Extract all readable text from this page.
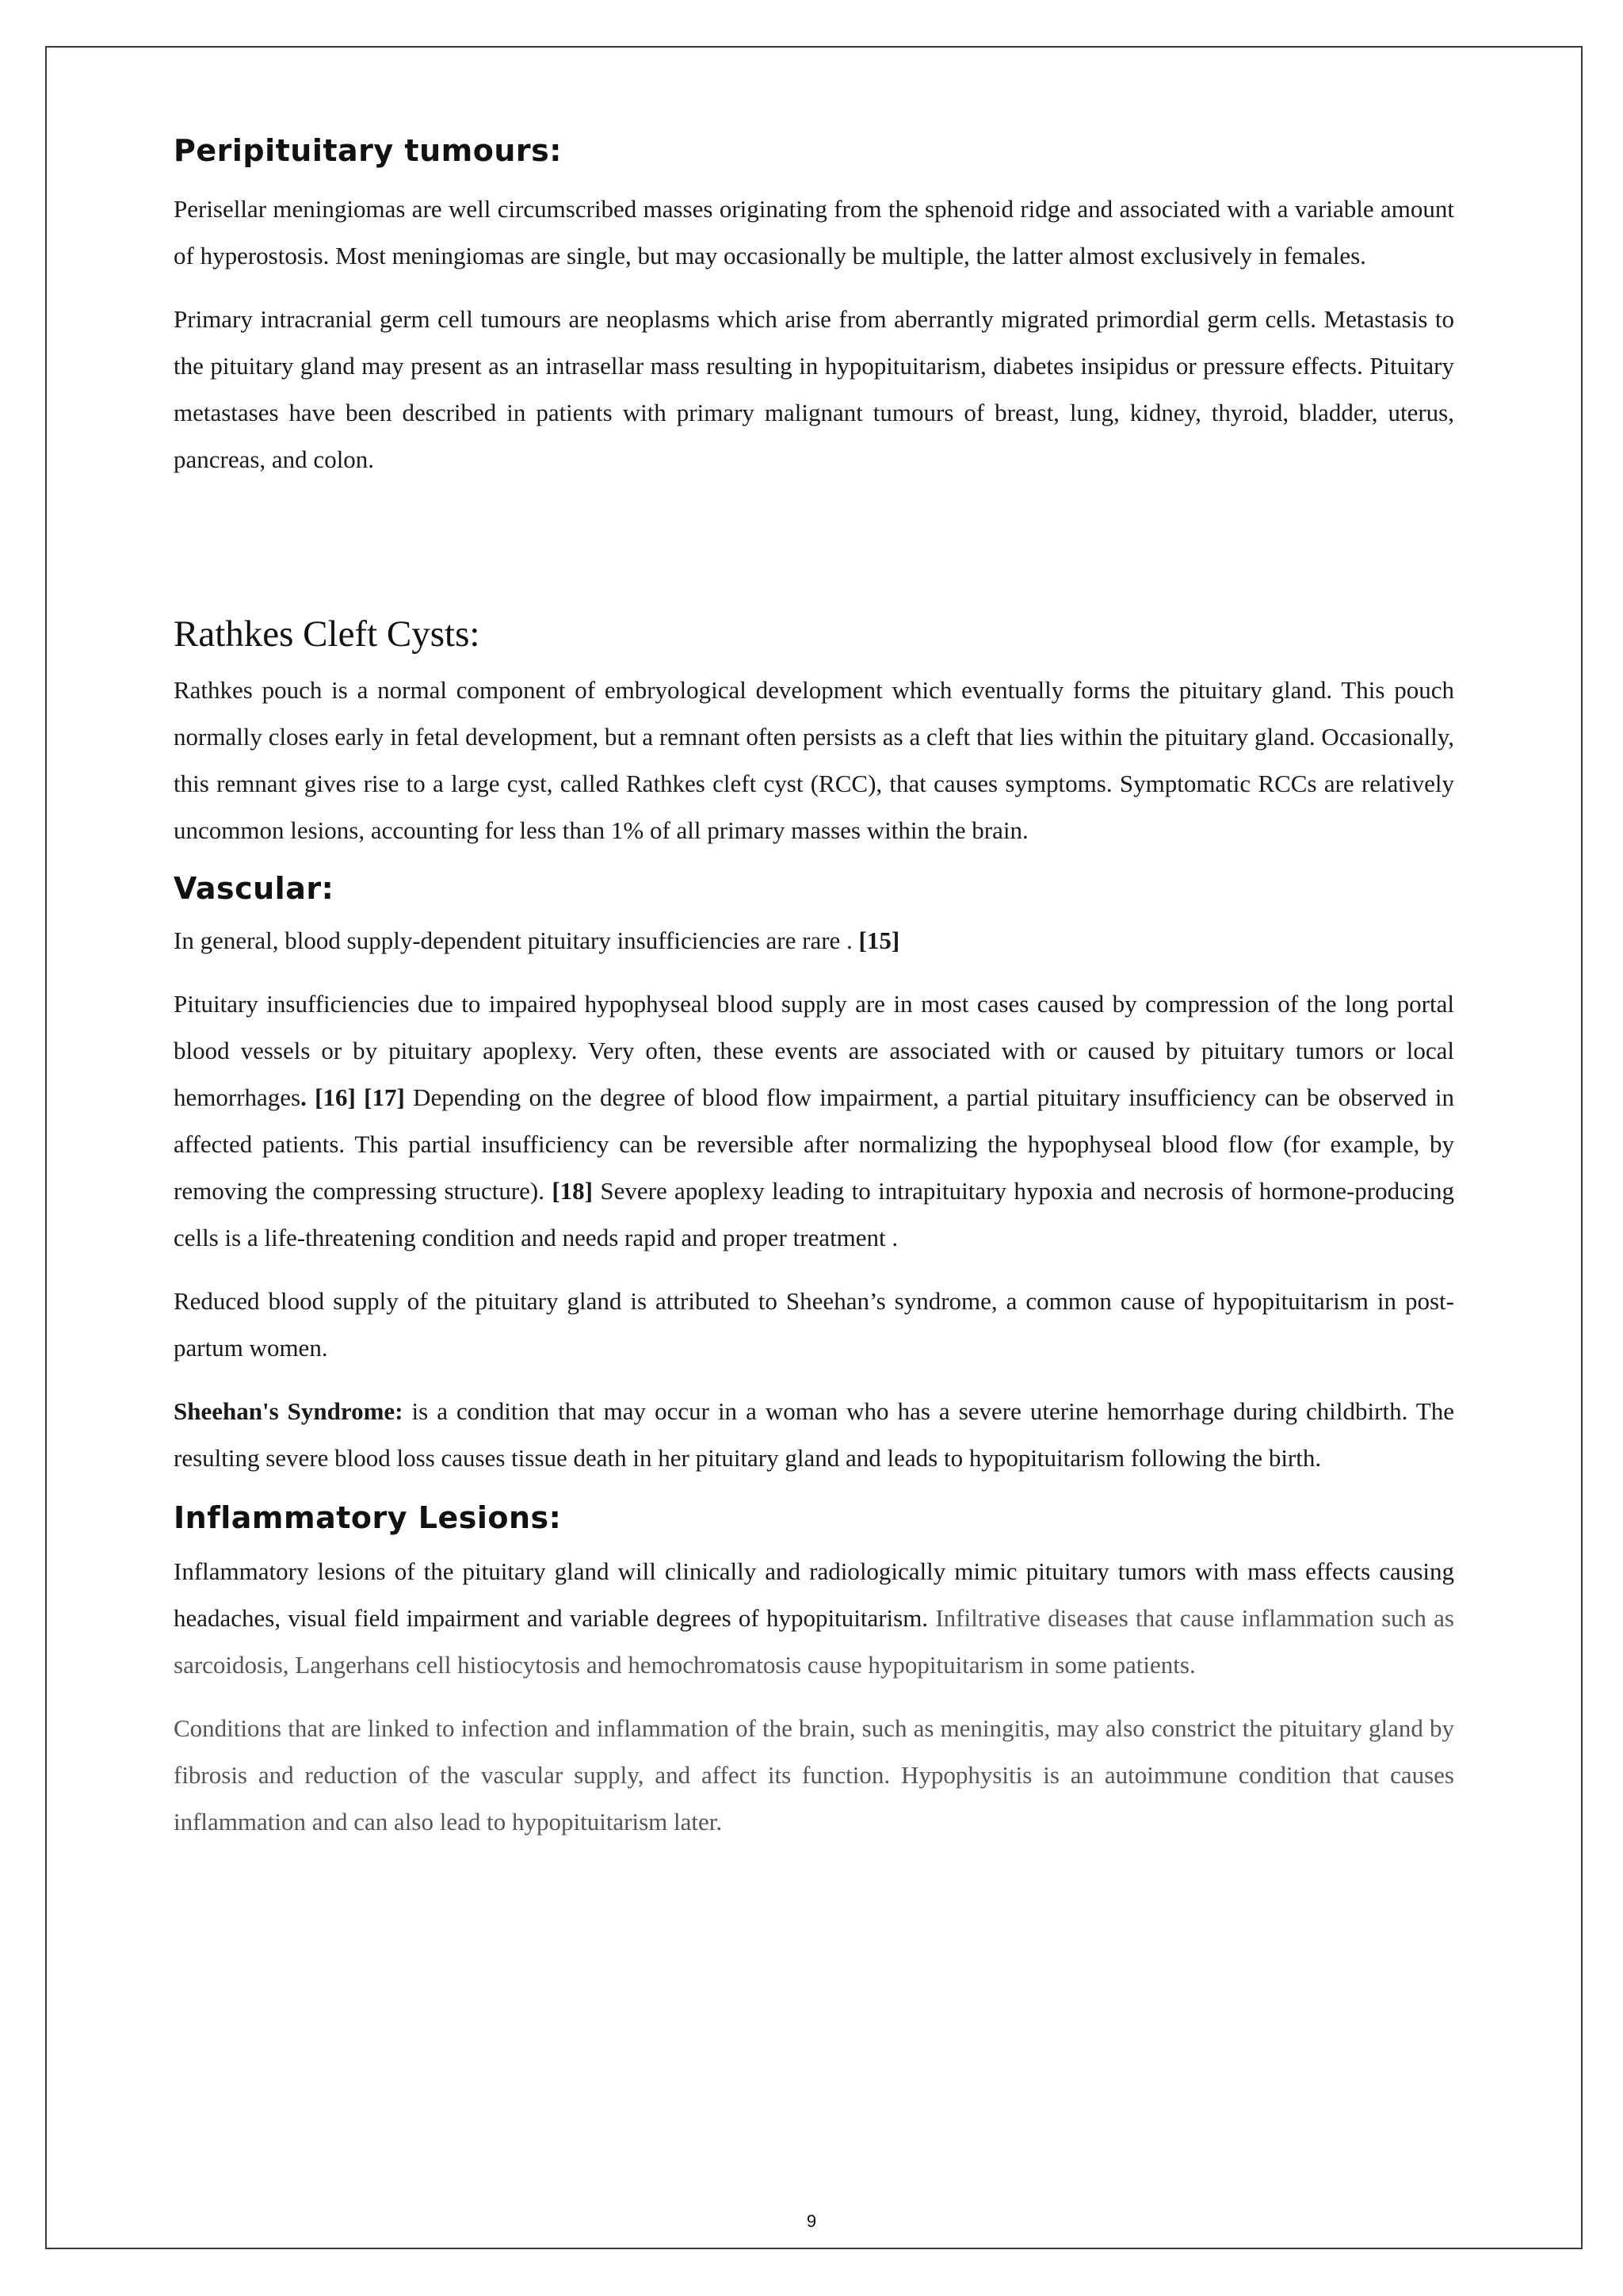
Peripituitary tumours:

Perisellar meningiomas are well circumscribed masses originating from the sphenoid ridge and associated with a variable amount of hyperostosis. Most meningiomas are single, but may occasionally be multiple, the latter almost exclusively in females.

Primary intracranial germ cell tumours are neoplasms which arise from aberrantly migrated primordial germ cells. Metastasis to the pituitary gland may present as an intrasellar mass resulting in hypopituitarism, diabetes insipidus or pressure effects. Pituitary metastases have been described in patients with primary malignant tumours of breast, lung, kidney, thyroid, bladder, uterus, pancreas, and colon.

Rathkes Cleft Cysts:

Rathkes pouch is a normal component of embryological development which eventually forms the pituitary gland. This pouch normally closes early in fetal development, but a remnant often persists as a cleft that lies within the pituitary gland. Occasionally, this remnant gives rise to a large cyst, called Rathkes cleft cyst (RCC), that causes symptoms. Symptomatic RCCs are relatively uncommon lesions, accounting for less than 1% of all primary masses within the brain.

Vascular:

In general, blood supply-dependent pituitary insufficiencies are rare . [15]

Pituitary insufficiencies due to impaired hypophyseal blood supply are in most cases caused by compression of the long portal blood vessels or by pituitary apoplexy. Very often, these events are associated with or caused by pituitary tumors or local hemorrhages. [16] [17] Depending on the degree of blood flow impairment, a partial pituitary insufficiency can be observed in affected patients. This partial insufficiency can be reversible after normalizing the hypophyseal blood flow (for example, by removing the compressing structure). [18] Severe apoplexy leading to intrapituitary hypoxia and necrosis of hormone-producing cells is a life-threatening condition and needs rapid and proper treatment .

Reduced blood supply of the pituitary gland is attributed to Sheehan’s syndrome, a common cause of hypopituitarism in post-partum women.

Sheehan's Syndrome: is a condition that may occur in a woman who has a severe uterine hemorrhage during childbirth. The resulting severe blood loss causes tissue death in her pituitary gland and leads to hypopituitarism following the birth.

Inflammatory Lesions:

Inflammatory lesions of the pituitary gland will clinically and radiologically mimic pituitary tumors with mass effects causing headaches, visual field impairment and variable degrees of hypopituitarism. Infiltrative diseases that cause inflammation such as sarcoidosis, Langerhans cell histiocytosis and hemochromatosis cause hypopituitarism in some patients.

Conditions that are linked to infection and inflammation of the brain, such as meningitis, may also constrict the pituitary gland by fibrosis and reduction of the vascular supply, and affect its function. Hypophysitis is an autoimmune condition that causes inflammation and can also lead to hypopituitarism later.

9
